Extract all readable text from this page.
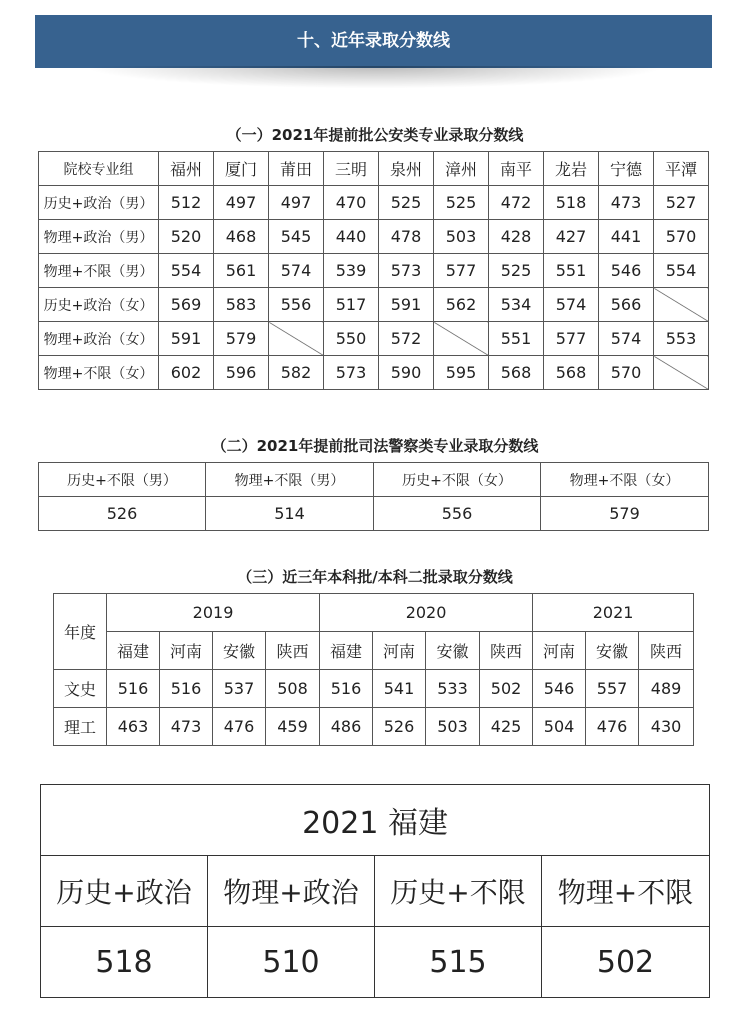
十、近年录取分数线
（一）2021年提前批公安类专业录取分数线
院校专业组	福州	厦门	莆田	三明	泉州	漳州	南平	龙岩	宁德	平潭
历史+政治（男）	512	497	497	470	525	525	472	518	473	527
物理+政治（男）	520	468	545	440	478	503	428	427	441	570
物理+不限（男）	554	561	574	539	573	577	525	551	546	554
历史+政治（女）	569	583	556	517	591	562	534	574	566	
物理+政治（女）	591	579		550	572		551	577	574	553
物理+不限（女）	602	596	582	573	590	595	568	568	570	
（二）2021年提前批司法警察类专业录取分数线
历史+不限（男）	物理+不限（男）	历史+不限（女）	物理+不限（女）
526	514	556	579
（三）近三年本科批/本科二批录取分数线
年度	2019				2020				2021		
	福建	河南	安徽	陕西	福建	河南	安徽	陕西	河南	安徽	陕西
文史	516	516	537	508	516	541	533	502	546	557	489
理工	463	473	476	459	486	526	503	425	504	476	430
2021 福建			
历史+政治	物理+政治	历史+不限	物理+不限
518	510	515	502
